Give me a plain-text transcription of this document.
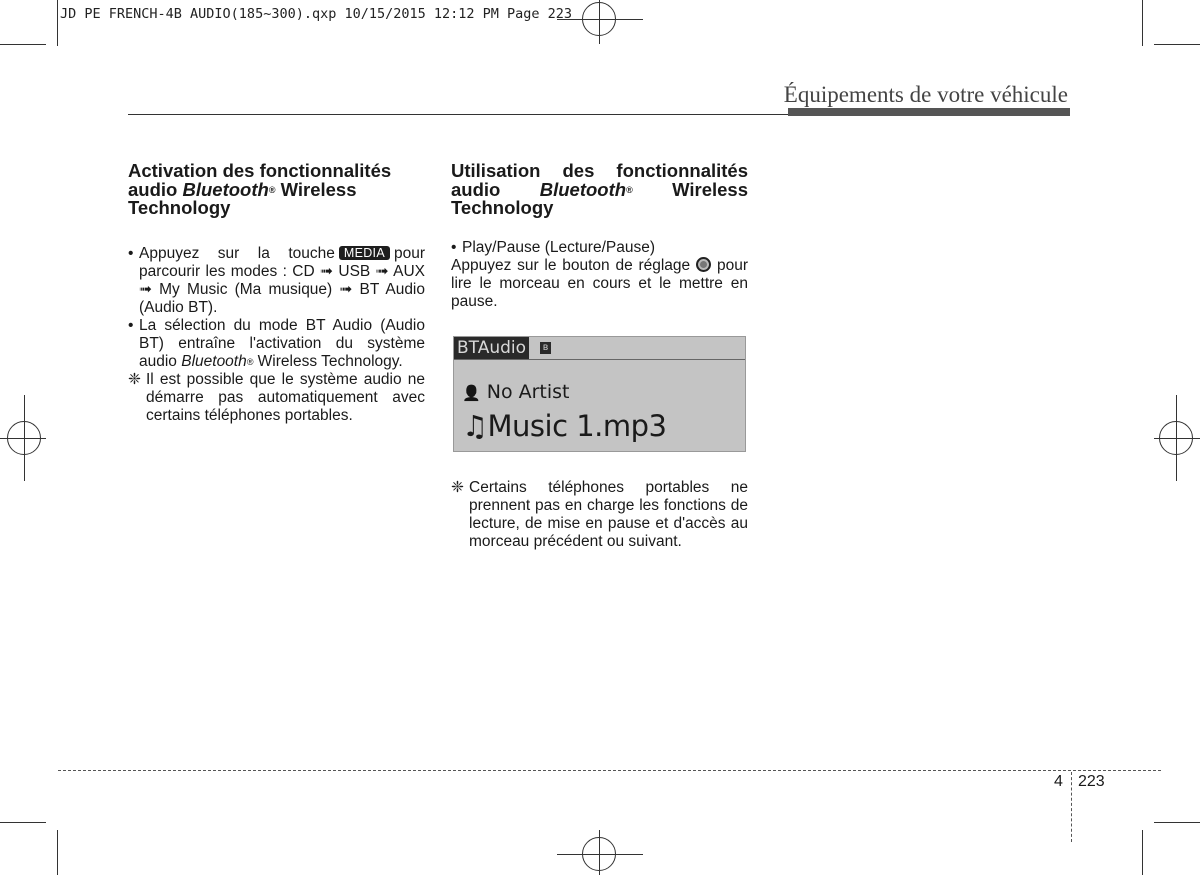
JD PE FRENCH-4B AUDIO(185~300).qxp 10/15/2015 12:12 PM Page 223
Équipements de votre véhicule
Activation des fonctionnalités
audio Bluetooth® Wireless
Technology
• Appuyez sur la touche MEDIA pour parcourir les modes : CD ➟ USB ➟ AUX ➟ My Music (Ma musique) ➟ BT Audio (Audio BT).

• La sélection du mode BT Audio (Audio BT) entraîne l'activation du système audio Bluetooth® Wireless Technology.

❈ Il est possible que le système audio ne démarre pas automatiquement avec certains téléphones portables.

Utilisation des fonctionnalités
audio Bluetooth® Wireless
Technology
• Play/Pause (Lecture/Pause)

Appuyez sur le bouton de réglage pour lire le morceau en cours et le mettre en pause.

BTAudio	ʙ
👤 No Artist
♫Music 1.mp3
❈ Certains téléphones portables ne prennent pas en charge les fonctions de lecture, de mise en pause et d'accès au morceau précédent ou suivant.

4 223
